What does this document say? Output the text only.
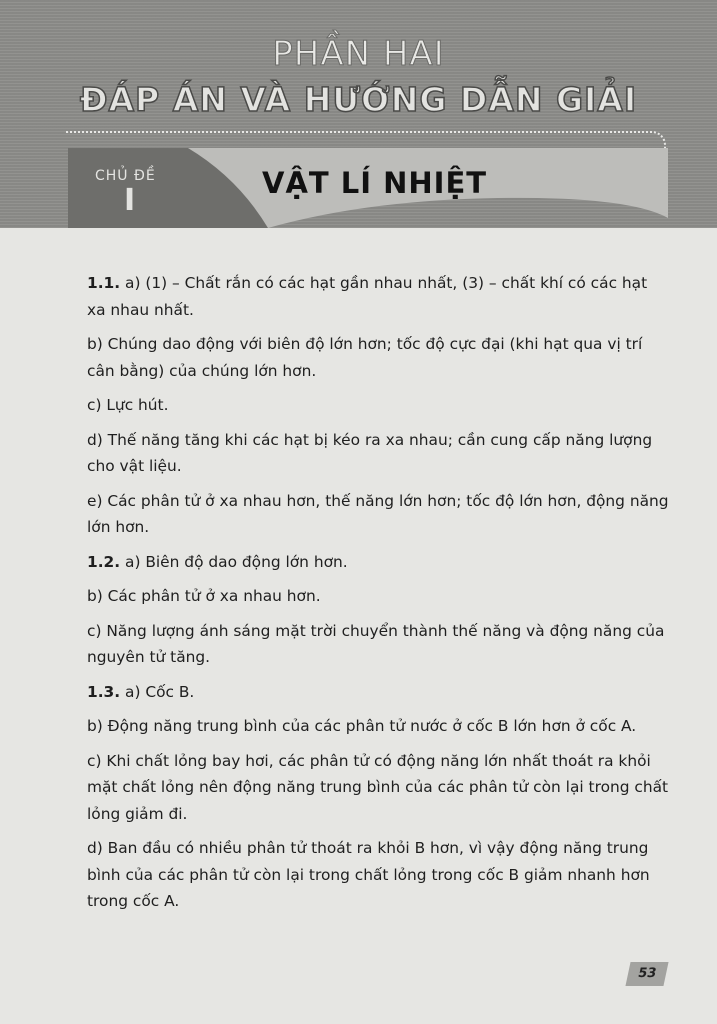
PHẦN HAI
ĐÁP ÁN VÀ HƯỚNG DẪN GIẢI
CHỦ ĐỀ
I	VẬT LÍ NHIỆT

1.1. a) (1) – Chất rắn có các hạt gần nhau nhất, (3) – chất khí có các hạt xa nhau nhất.

b) Chúng dao động với biên độ lớn hơn; tốc độ cực đại (khi hạt qua vị trí cân bằng) của chúng lớn hơn.

c) Lực hút.

d) Thế năng tăng khi các hạt bị kéo ra xa nhau; cần cung cấp năng lượng cho vật liệu.

e) Các phân tử ở xa nhau hơn, thế năng lớn hơn; tốc độ lớn hơn, động năng lớn hơn.

1.2. a) Biên độ dao động lớn hơn.

b) Các phân tử ở xa nhau hơn.

c) Năng lượng ánh sáng mặt trời chuyển thành thế năng và động năng của nguyên tử tăng.

1.3. a) Cốc B.

b) Động năng trung bình của các phân tử nước ở cốc B lớn hơn ở cốc A.

c) Khi chất lỏng bay hơi, các phân tử có động năng lớn nhất thoát ra khỏi mặt chất lỏng nên động năng trung bình của các phân tử còn lại trong chất lỏng giảm đi.

d) Ban đầu có nhiều phân tử thoát ra khỏi B hơn, vì vậy động năng trung bình của các phân tử còn lại trong chất lỏng trong cốc B giảm nhanh hơn trong cốc A.

53
